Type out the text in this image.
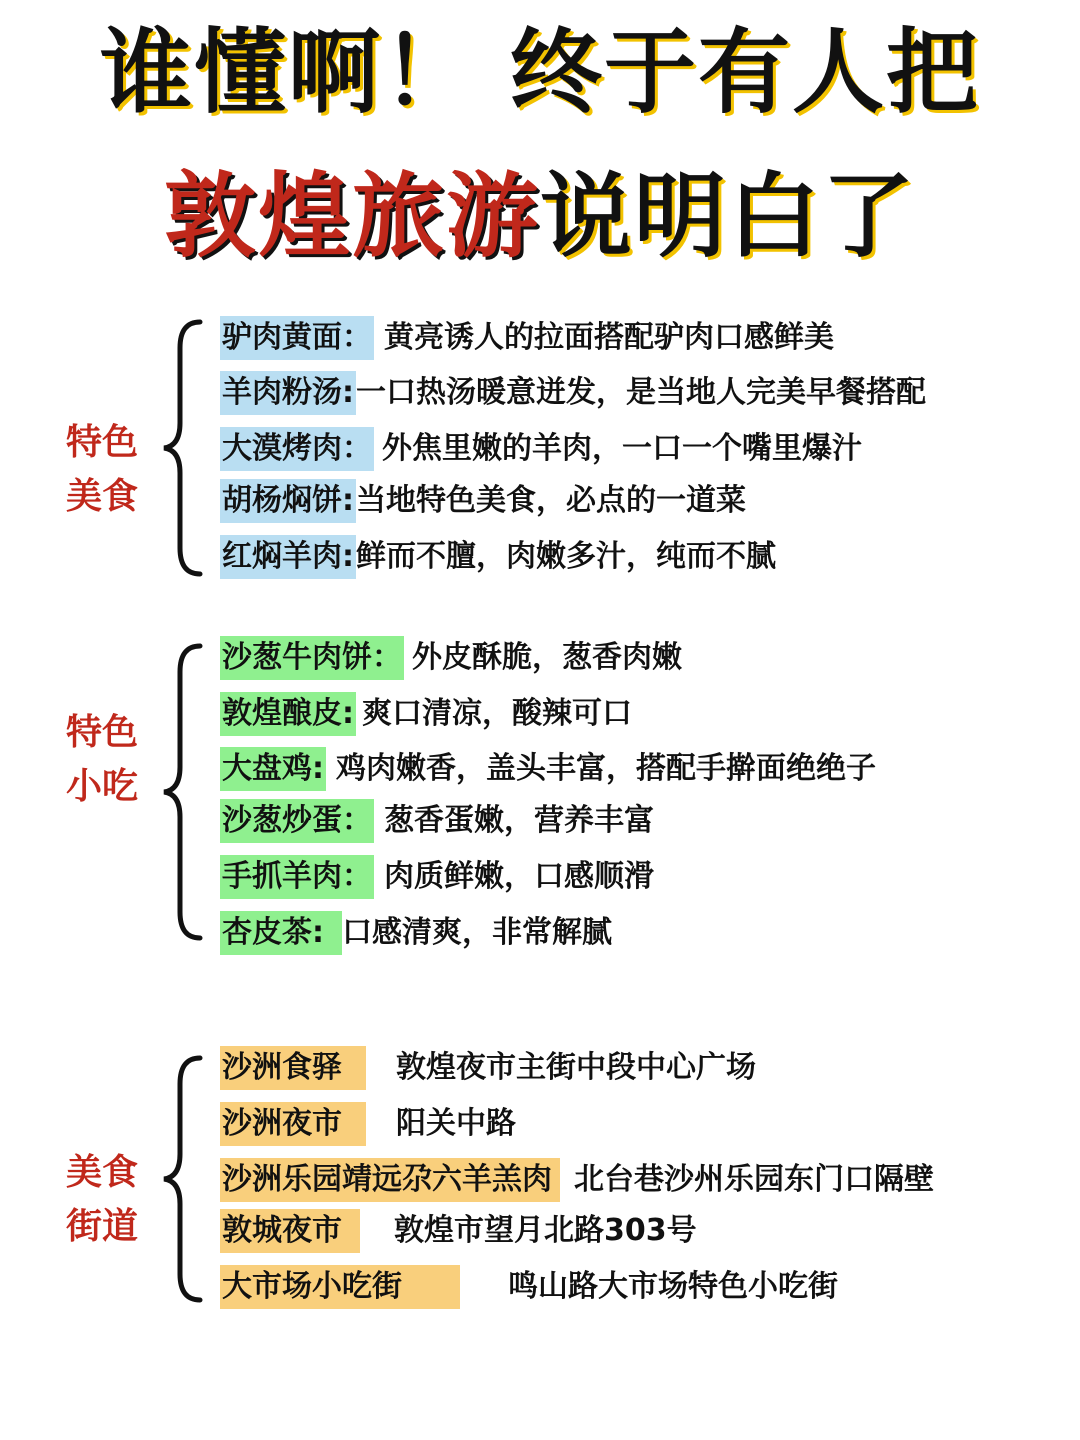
谁懂啊！ 终于有人把
敦煌旅游说明白了
特色
美食
驴肉黄面： 黄亮诱人的拉面搭配驴肉口感鲜美
羊肉粉汤:一口热汤暖意迸发，是当地人完美早餐搭配
大漠烤肉： 外焦里嫩的羊肉，一口一个嘴里爆汁
胡杨焖饼:当地特色美食，必点的一道菜
红焖羊肉:鲜而不膻，肉嫩多汁，纯而不腻
特色
小吃
沙葱牛肉饼： 外皮酥脆，葱香肉嫩
敦煌酿皮: 爽口清凉，酸辣可口
大盘鸡: 鸡肉嫩香，盖头丰富，搭配手擀面绝绝子
沙葱炒蛋： 葱香蛋嫩，营养丰富
手抓羊肉： 肉质鲜嫩，口感顺滑
杏皮茶: 口感清爽，非常解腻
美食
街道
沙洲食驿 敦煌夜市主街中段中心广场
沙洲夜市 阳关中路
沙洲乐园靖远尕六羊羔肉 北台巷沙州乐园东门口隔壁
敦城夜市 敦煌市望月北路303号
大市场小吃街	鸣山路大市场特色小吃街
